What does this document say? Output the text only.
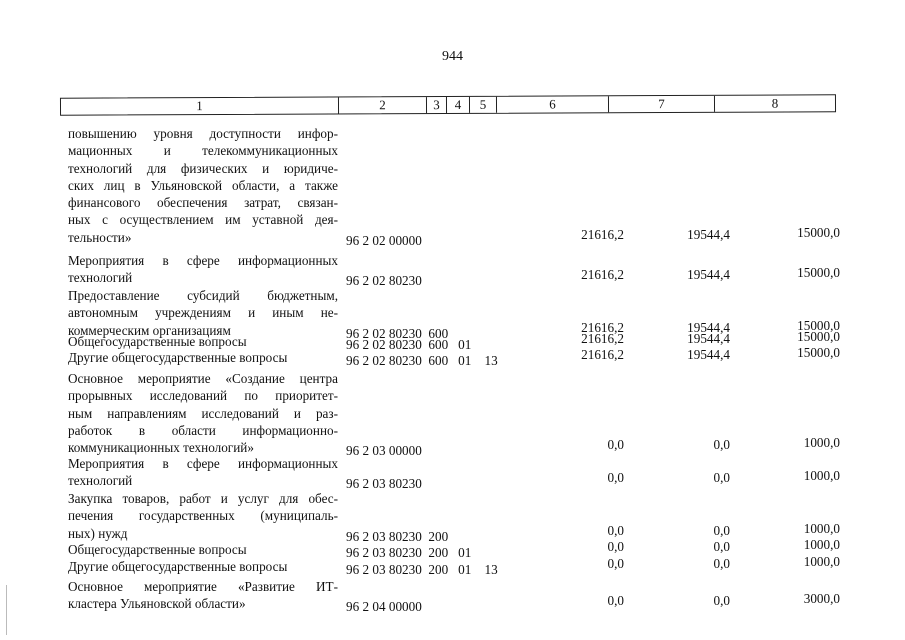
944
1	2	3	4	5	6	7	8
повышению уровня доступности инфор-
мационных и телекоммуникационных
технологий для физических и юридиче-
ских лиц в Ульяновской области, а также
финансового обеспечения затрат, связан-
ных с осуществлением им уставной дея-
тельности»	96 2 02 00000	21616,2	19544,4	15000,0
Мероприятия в сфере информационных
технологий	96 2 02 80230	21616,2	19544,4	15000,0
Предоставление субсидий бюджетным,
автономным учреждениям и иным не-
коммерческим организациям	96 2 02 80230  600	21616,2	19544,4	15000,0
Общегосударственные вопросы	96 2 02 80230  600   01	21616,2	19544,4	15000,0
Другие общегосударственные вопросы	96 2 02 80230  600   01    13	21616,2	19544,4	15000,0
Основное мероприятие «Создание центра
прорывных исследований по приоритет-
ным направлениям исследований и раз-
работок в области информационно-
коммуникационных технологий»	96 2 03 00000	0,0	0,0	1000,0
Мероприятия в сфере информационных
технологий	96 2 03 80230	0,0	0,0	1000,0
Закупка товаров, работ и услуг для обес-
печения государственных (муниципаль-
ных) нужд	96 2 03 80230  200	0,0	0,0	1000,0
Общегосударственные вопросы	96 2 03 80230  200   01	0,0	0,0	1000,0
Другие общегосударственные вопросы	96 2 03 80230  200   01    13	0,0	0,0	1000,0
Основное мероприятие «Развитие ИТ-
кластера Ульяновской области»	96 2 04 00000	0,0	0,0	3000,0
